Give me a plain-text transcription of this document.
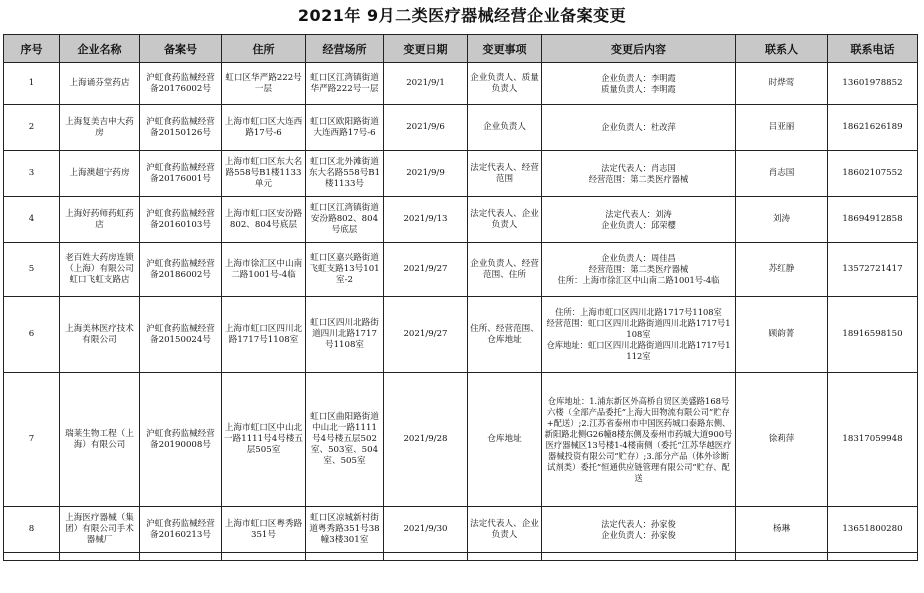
2021年 9月二类医疗器械经营企业备案变更
序号	企业名称	备案号	住所	经营场所	变更日期	变更事项	变更后内容	联系人	联系电话
1	上海诵芬堂药店	沪虹食药监械经营备20176002号	虹口区华严路222号一层	虹口区江湾镇街道华严路222号一层	2021/9/1	企业负责人、质量负责人	企业负责人：李明霞
质量负责人：李明霞	时烨莺	13601978852
2	上海复美吉申大药房	沪虹食药监械经营备20150126号	上海市虹口区大连西路17号-6	虹口区欧阳路街道大连西路17号-6	2021/9/6	企业负责人	企业负责人：杜改萍	吕亚丽	18621626189
3	上海澳超宁药房	沪虹食药监械经营备20176001号	上海市虹口区东大名路558号B1楼1133单元	虹口区北外滩街道东大名路558号B1楼1133号	2021/9/9	法定代表人、经营范围	法定代表人：肖志国
经营范围：第二类医疗器械	肖志国	18602107552
4	上海好药师药虹药店	沪虹食药监械经营备20160103号	上海市虹口区安汾路802、804号底层	虹口区江湾镇街道安汾路802、804号底层	2021/9/13	法定代表人、企业负责人	法定代表人：刘涛
企业负责人：邱荣樱	刘涛	18694912858
5	老百姓大药房连锁（上海）有限公司虹口飞虹支路店	沪虹食药监械经营备20186002号	上海市徐汇区中山南二路1001号-4临	虹口区嘉兴路街道飞虹支路13号101室-2	2021/9/27	企业负责人、经营范围、住所	企业负责人：周佳昌
经营范围：第二类医疗器械
住所：上海市徐汇区中山南二路1001号-4临	苏红静	13572721417
6	上海美林医疗技术有限公司	沪虹食药监械经营备20150024号	上海市虹口区四川北路1717号1108室	虹口区四川北路街道四川北路1717号1108室	2021/9/27	住所、经营范围、仓库地址	住所：上海市虹口区四川北路1717号1108室
经营范围：虹口区四川北路街道四川北路1717号1108室
仓库地址：虹口区四川北路街道四川北路1717号1112室	顾韵菁	18916598150
7	瑞莱生物工程（上海）有限公司	沪虹食药监械经营备20190008号	上海市虹口区中山北一路1111号4号楼五层505室	虹口区曲阳路街道中山北一路1111号4号楼五层502室、503室、504室、505室	2021/9/28	仓库地址	仓库地址：1.浦东新区外高桥自贸区美盛路168号六楼（全部产品委托“上海大田物流有限公司”贮存+配送）;2.江苏省泰州市中国医药城口泰路东侧、新阳路北侧G26幢8楼东侧及泰州市药城大道900号医疗器械区13号楼1-4楼南侧（委托“江苏华越医疗器械投资有限公司”贮存）;3.部分产品（体外诊断试剂类）委托“恒通供应链管理有限公司”贮存、配送	徐莉萍	18317059948
8	上海医疗器械（集团）有限公司手术器械厂	沪虹食药监械经营备20160213号	上海市虹口区粤秀路351号	虹口区凉城新村街道粤秀路351号38幢3楼301室	2021/9/30	法定代表人、企业负责人	法定代表人：孙家俊
企业负责人：孙家俊	杨琳	13651800280
